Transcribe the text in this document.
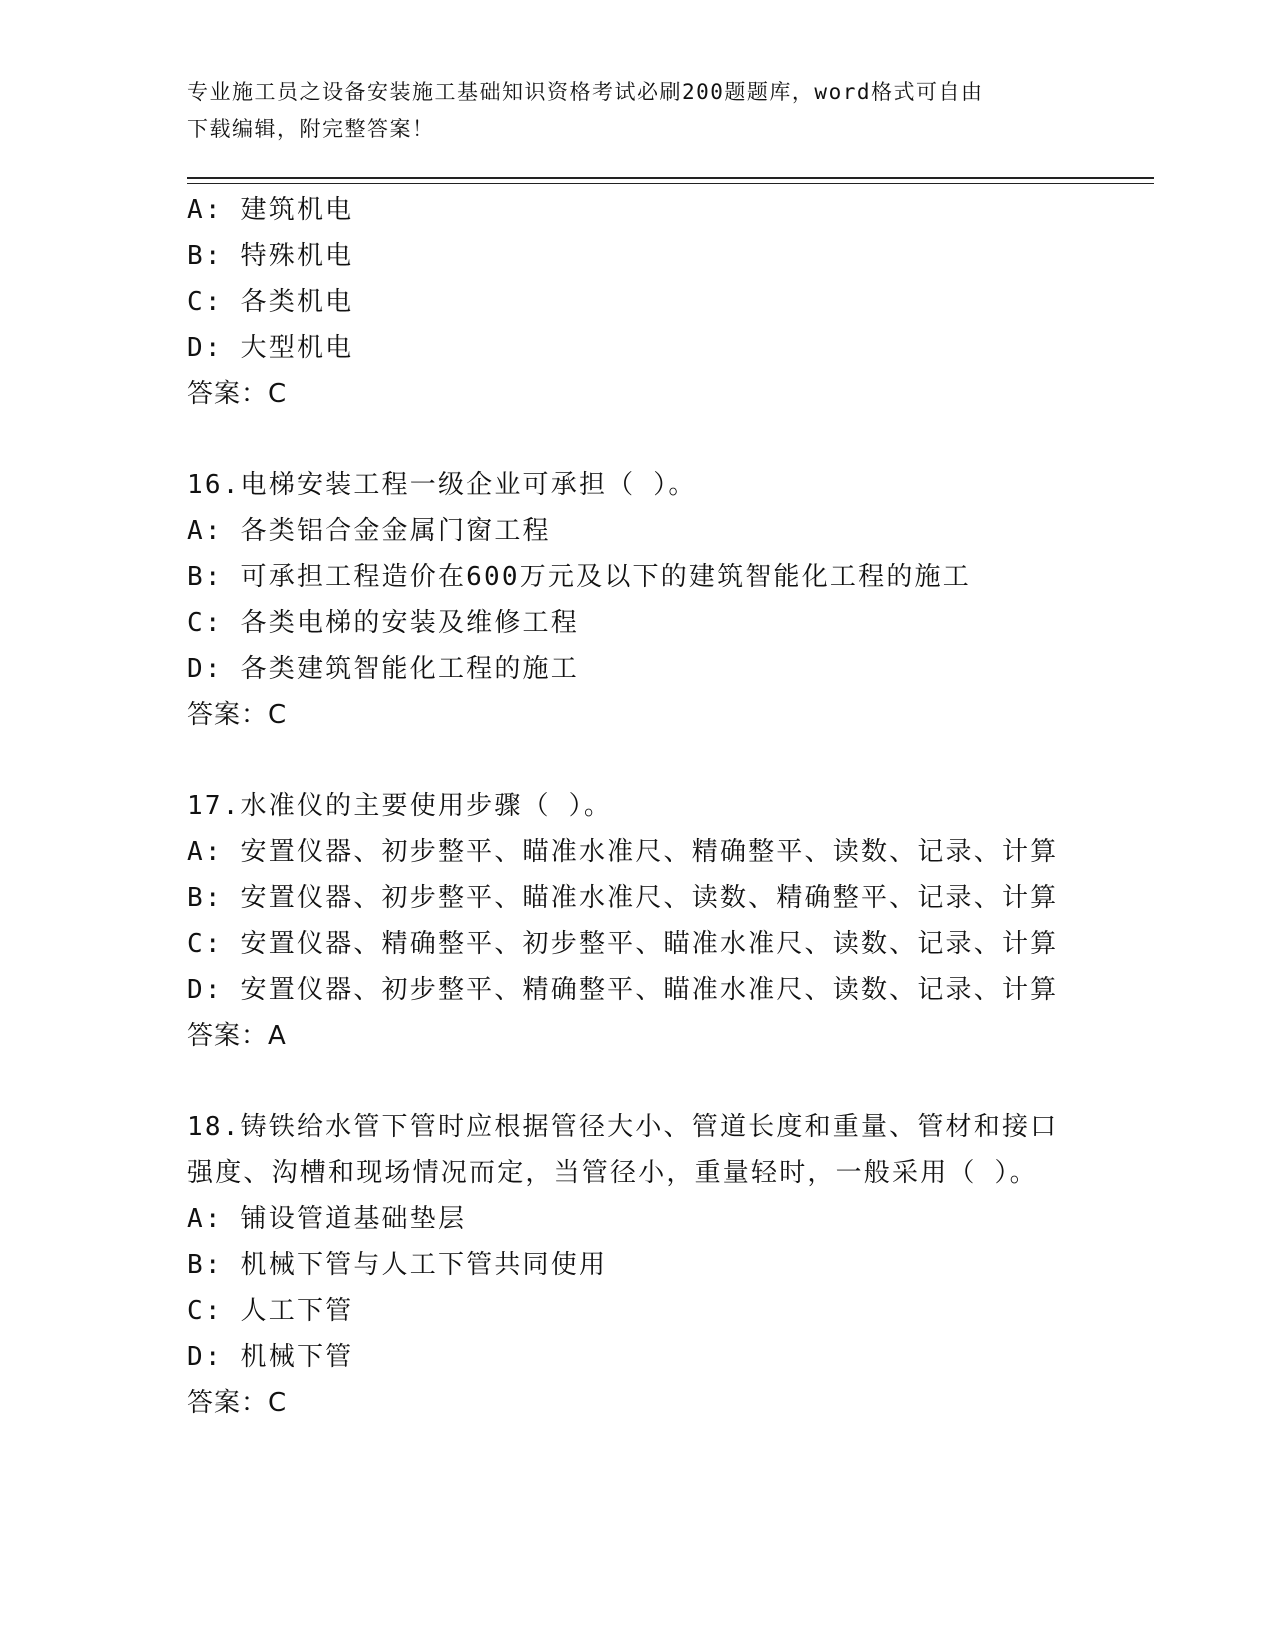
专业施工员之设备安装施工基础知识资格考试必刷200题题库，word格式可自由
下载编辑，附完整答案！
A: 建筑机电
B: 特殊机电
C: 各类机电
D: 大型机电
答案：C
16.电梯安装工程一级企业可承担（ ）。
A: 各类铝合金金属门窗工程
B: 可承担工程造价在600万元及以下的建筑智能化工程的施工
C: 各类电梯的安装及维修工程
D: 各类建筑智能化工程的施工
答案：C
17.水准仪的主要使用步骤（ ）。
A: 安置仪器、初步整平、瞄准水准尺、精确整平、读数、记录、计算
B: 安置仪器、初步整平、瞄准水准尺、读数、精确整平、记录、计算
C: 安置仪器、精确整平、初步整平、瞄准水准尺、读数、记录、计算
D: 安置仪器、初步整平、精确整平、瞄准水准尺、读数、记录、计算
答案：A
18.铸铁给水管下管时应根据管径大小、管道长度和重量、管材和接口
强度、沟槽和现场情况而定，当管径小，重量轻时，一般采用（ ）。
A: 铺设管道基础垫层
B: 机械下管与人工下管共同使用
C: 人工下管
D: 机械下管
答案：C
